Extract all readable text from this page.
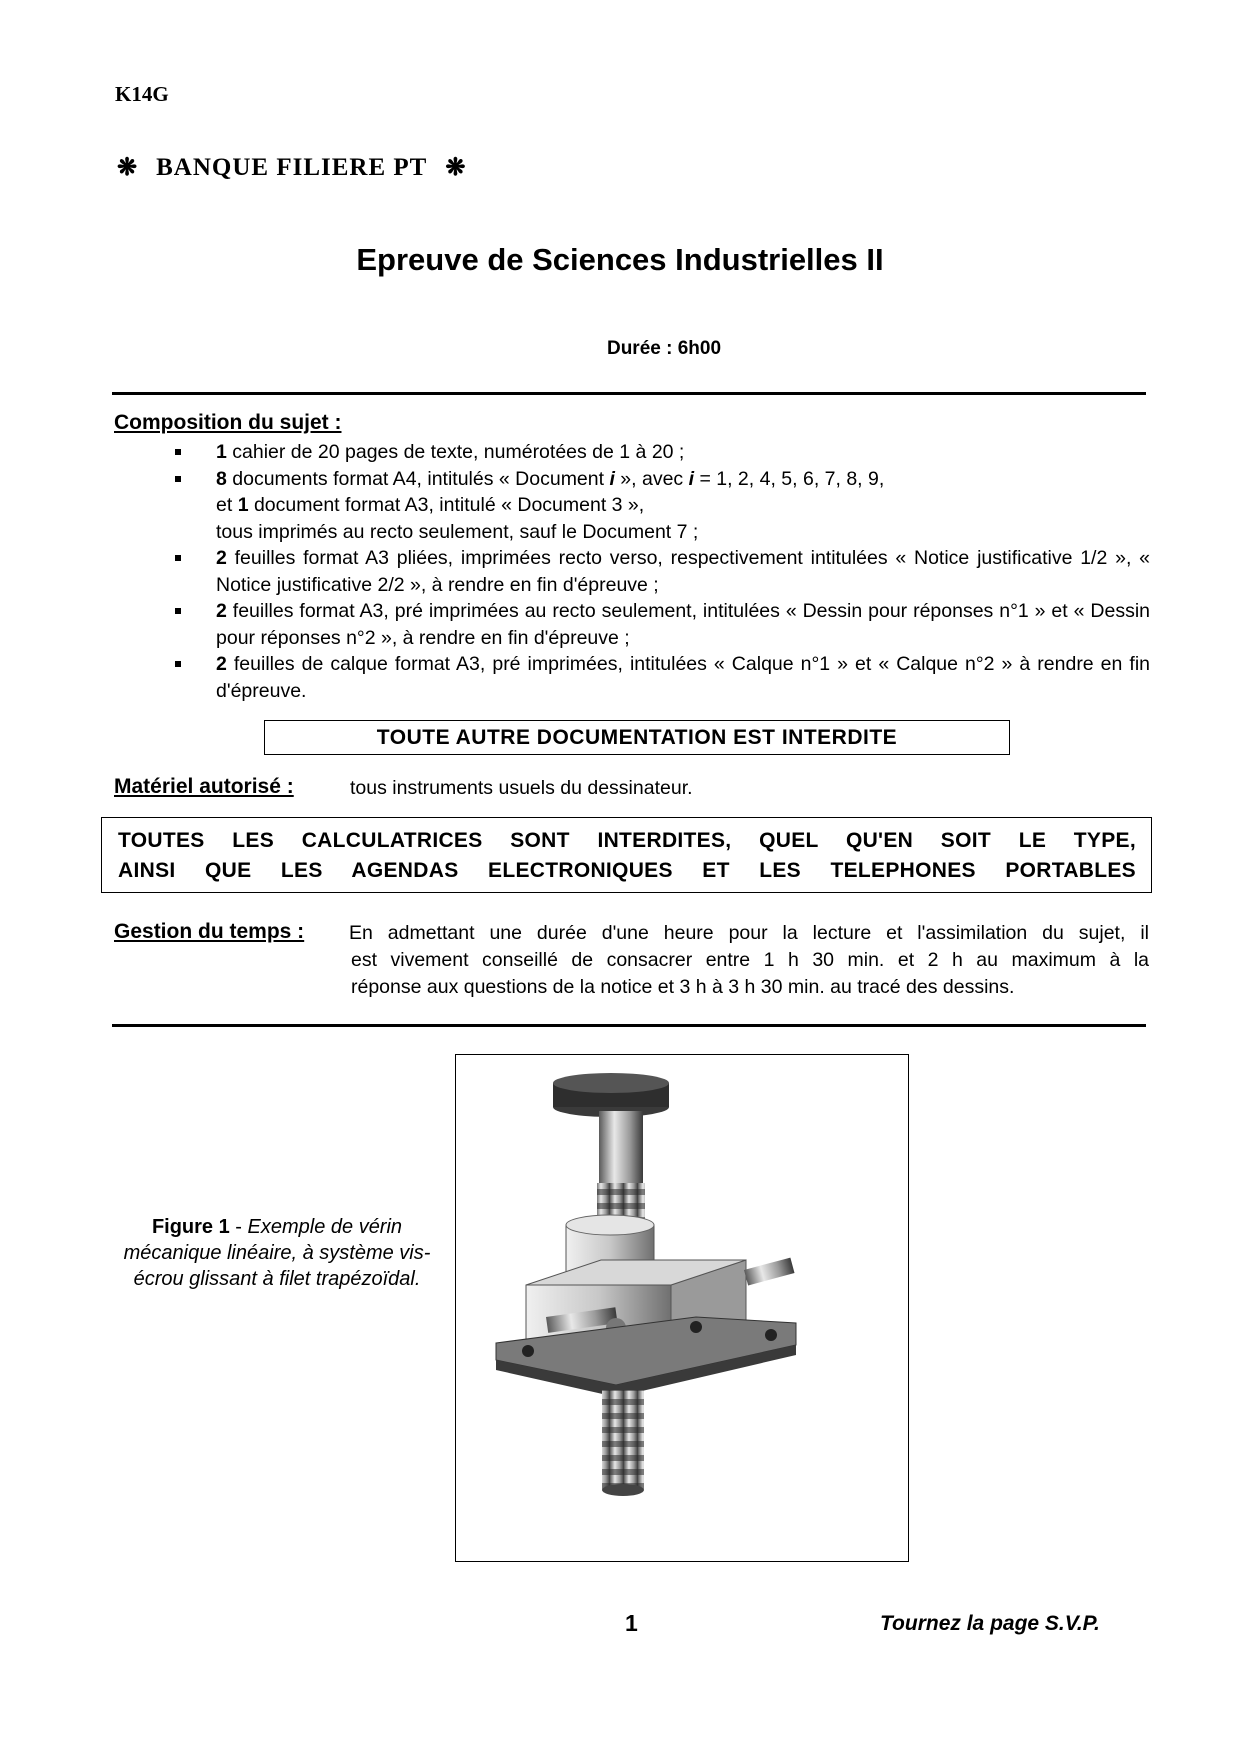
K14G
❋ BANQUE FILIERE PT ❋
Epreuve de Sciences Industrielles II
Durée : 6h00
Composition du sujet :
1 cahier de 20 pages de texte, numérotées de 1 à 20 ;
8 documents format A4, intitulés « Document i », avec i = 1, 2, 4, 5, 6, 7, 8, 9,
et 1 document format A3, intitulé « Document 3 »,
tous imprimés au recto seulement, sauf le Document 7 ;
2 feuilles format A3 pliées, imprimées recto verso, respectivement intitulées « Notice justificative 1/2 », « Notice justificative 2/2 », à rendre en fin d'épreuve ;
2 feuilles format A3, pré imprimées au recto seulement, intitulées « Dessin pour réponses n°1 » et « Dessin pour réponses n°2 », à rendre en fin d'épreuve ;
2 feuilles de calque format A3, pré imprimées, intitulées « Calque n°1 » et « Calque n°2 » à rendre en fin d'épreuve.
TOUTE AUTRE DOCUMENTATION EST INTERDITE
Matériel autorisé :	tous instruments usuels du dessinateur.
TOUTES LES CALCULATRICES SONT INTERDITES, QUEL QU'EN SOIT LE TYPE,
AINSI QUE LES AGENDAS ELECTRONIQUES ET LES TELEPHONES PORTABLES
Gestion du temps : En admettant une durée d'une heure pour la lecture et l'assimilation du sujet, il
est vivement conseillé de consacrer entre 1 h 30 min. et 2 h au maximum à la
réponse aux questions de la notice et 3 h à 3 h 30 min. au tracé des dessins.
Figure 1 - Exemple de vérin mécanique linéaire, à système vis-écrou glissant à filet trapézoïdal.
1	Tournez la page S.V.P.
